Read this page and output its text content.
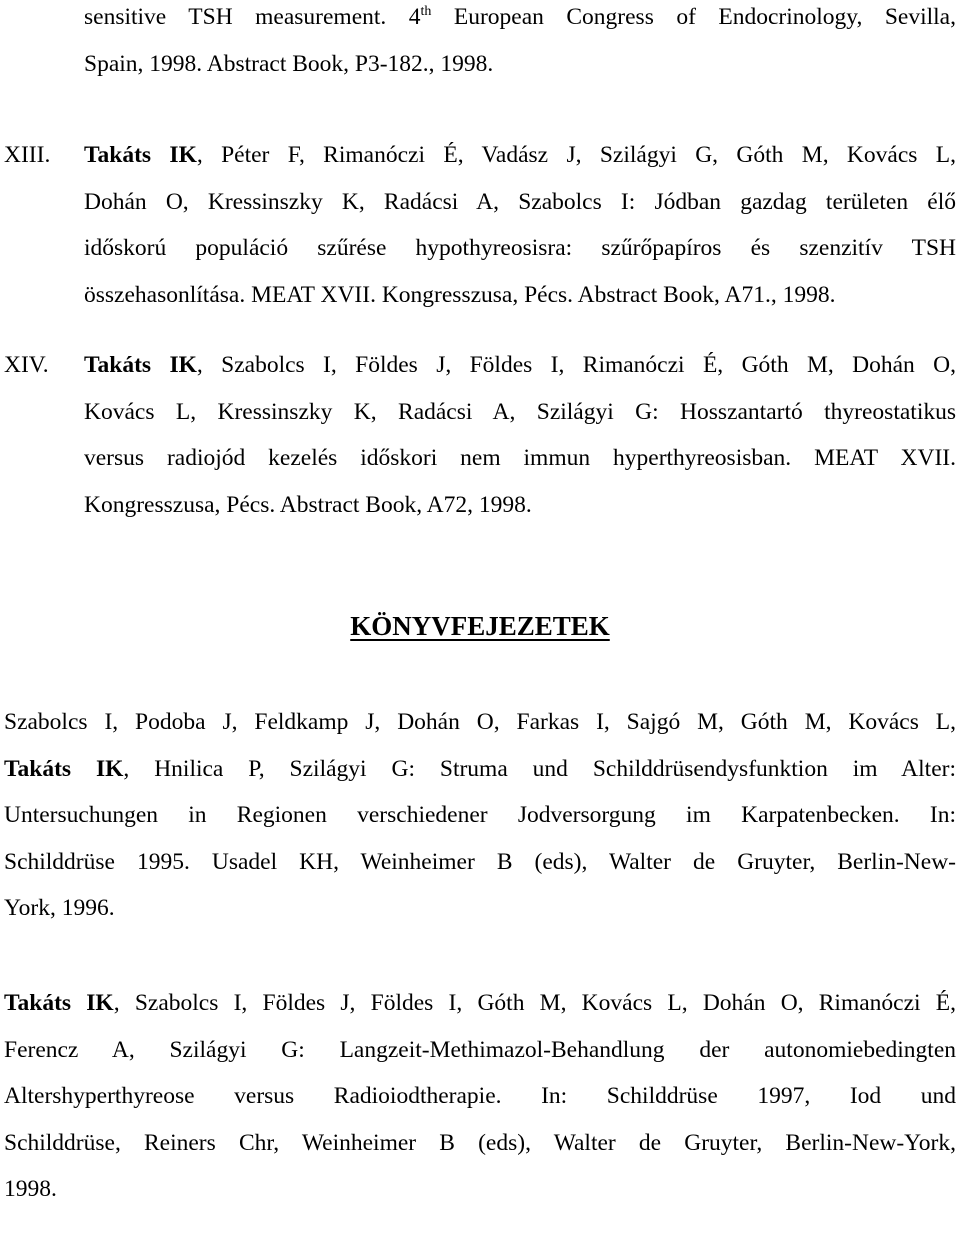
sensitive TSH measurement. 4th European Congress of Endocrinology, Sevilla,
Spain, 1998. Abstract Book, P3-182., 1998.
XIII. Takáts IK, Péter F, Rimanóczi É, Vadász J, Szilágyi G, Góth M, Kovács L,
Dohán O, Kressinszky K, Radácsi A, Szabolcs I: Jódban gazdag területen élő
időskorú populáció szűrése hypothyreosisra: szűrőpapíros és szenzitív TSH
összehasonlítása. MEAT XVII. Kongresszusa, Pécs. Abstract Book, A71., 1998.
XIV. Takáts IK, Szabolcs I, Földes J, Földes I, Rimanóczi É, Góth M, Dohán O,
Kovács L, Kressinszky K, Radácsi A, Szilágyi G: Hosszantartó thyreostatikus
versus radiojód kezelés időskori nem immun hyperthyreosisban. MEAT XVII.
Kongresszusa, Pécs. Abstract Book, A72, 1998.
KÖNYVFEJEZETEK
Szabolcs I, Podoba J, Feldkamp J, Dohán O, Farkas I, Sajgó M, Góth M, Kovács L,
Takáts IK, Hnilica P, Szilágyi G: Struma und Schilddrüsendysfunktion im Alter:
Untersuchungen in Regionen verschiedener Jodversorgung im Karpatenbecken. In:
Schilddrüse 1995. Usadel KH, Weinheimer B (eds), Walter de Gruyter, Berlin-New-
York, 1996.
Takáts IK, Szabolcs I, Földes J, Földes I, Góth M, Kovács L, Dohán O, Rimanóczi É,
Ferencz A, Szilágyi G: Langzeit-Methimazol-Behandlung der autonomiebedingten
Altershyperthyreose versus Radioiodtherapie. In: Schilddrüse 1997, Iod und
Schilddrüse, Reiners Chr, Weinheimer B (eds), Walter de Gruyter, Berlin-New-York,
1998.
